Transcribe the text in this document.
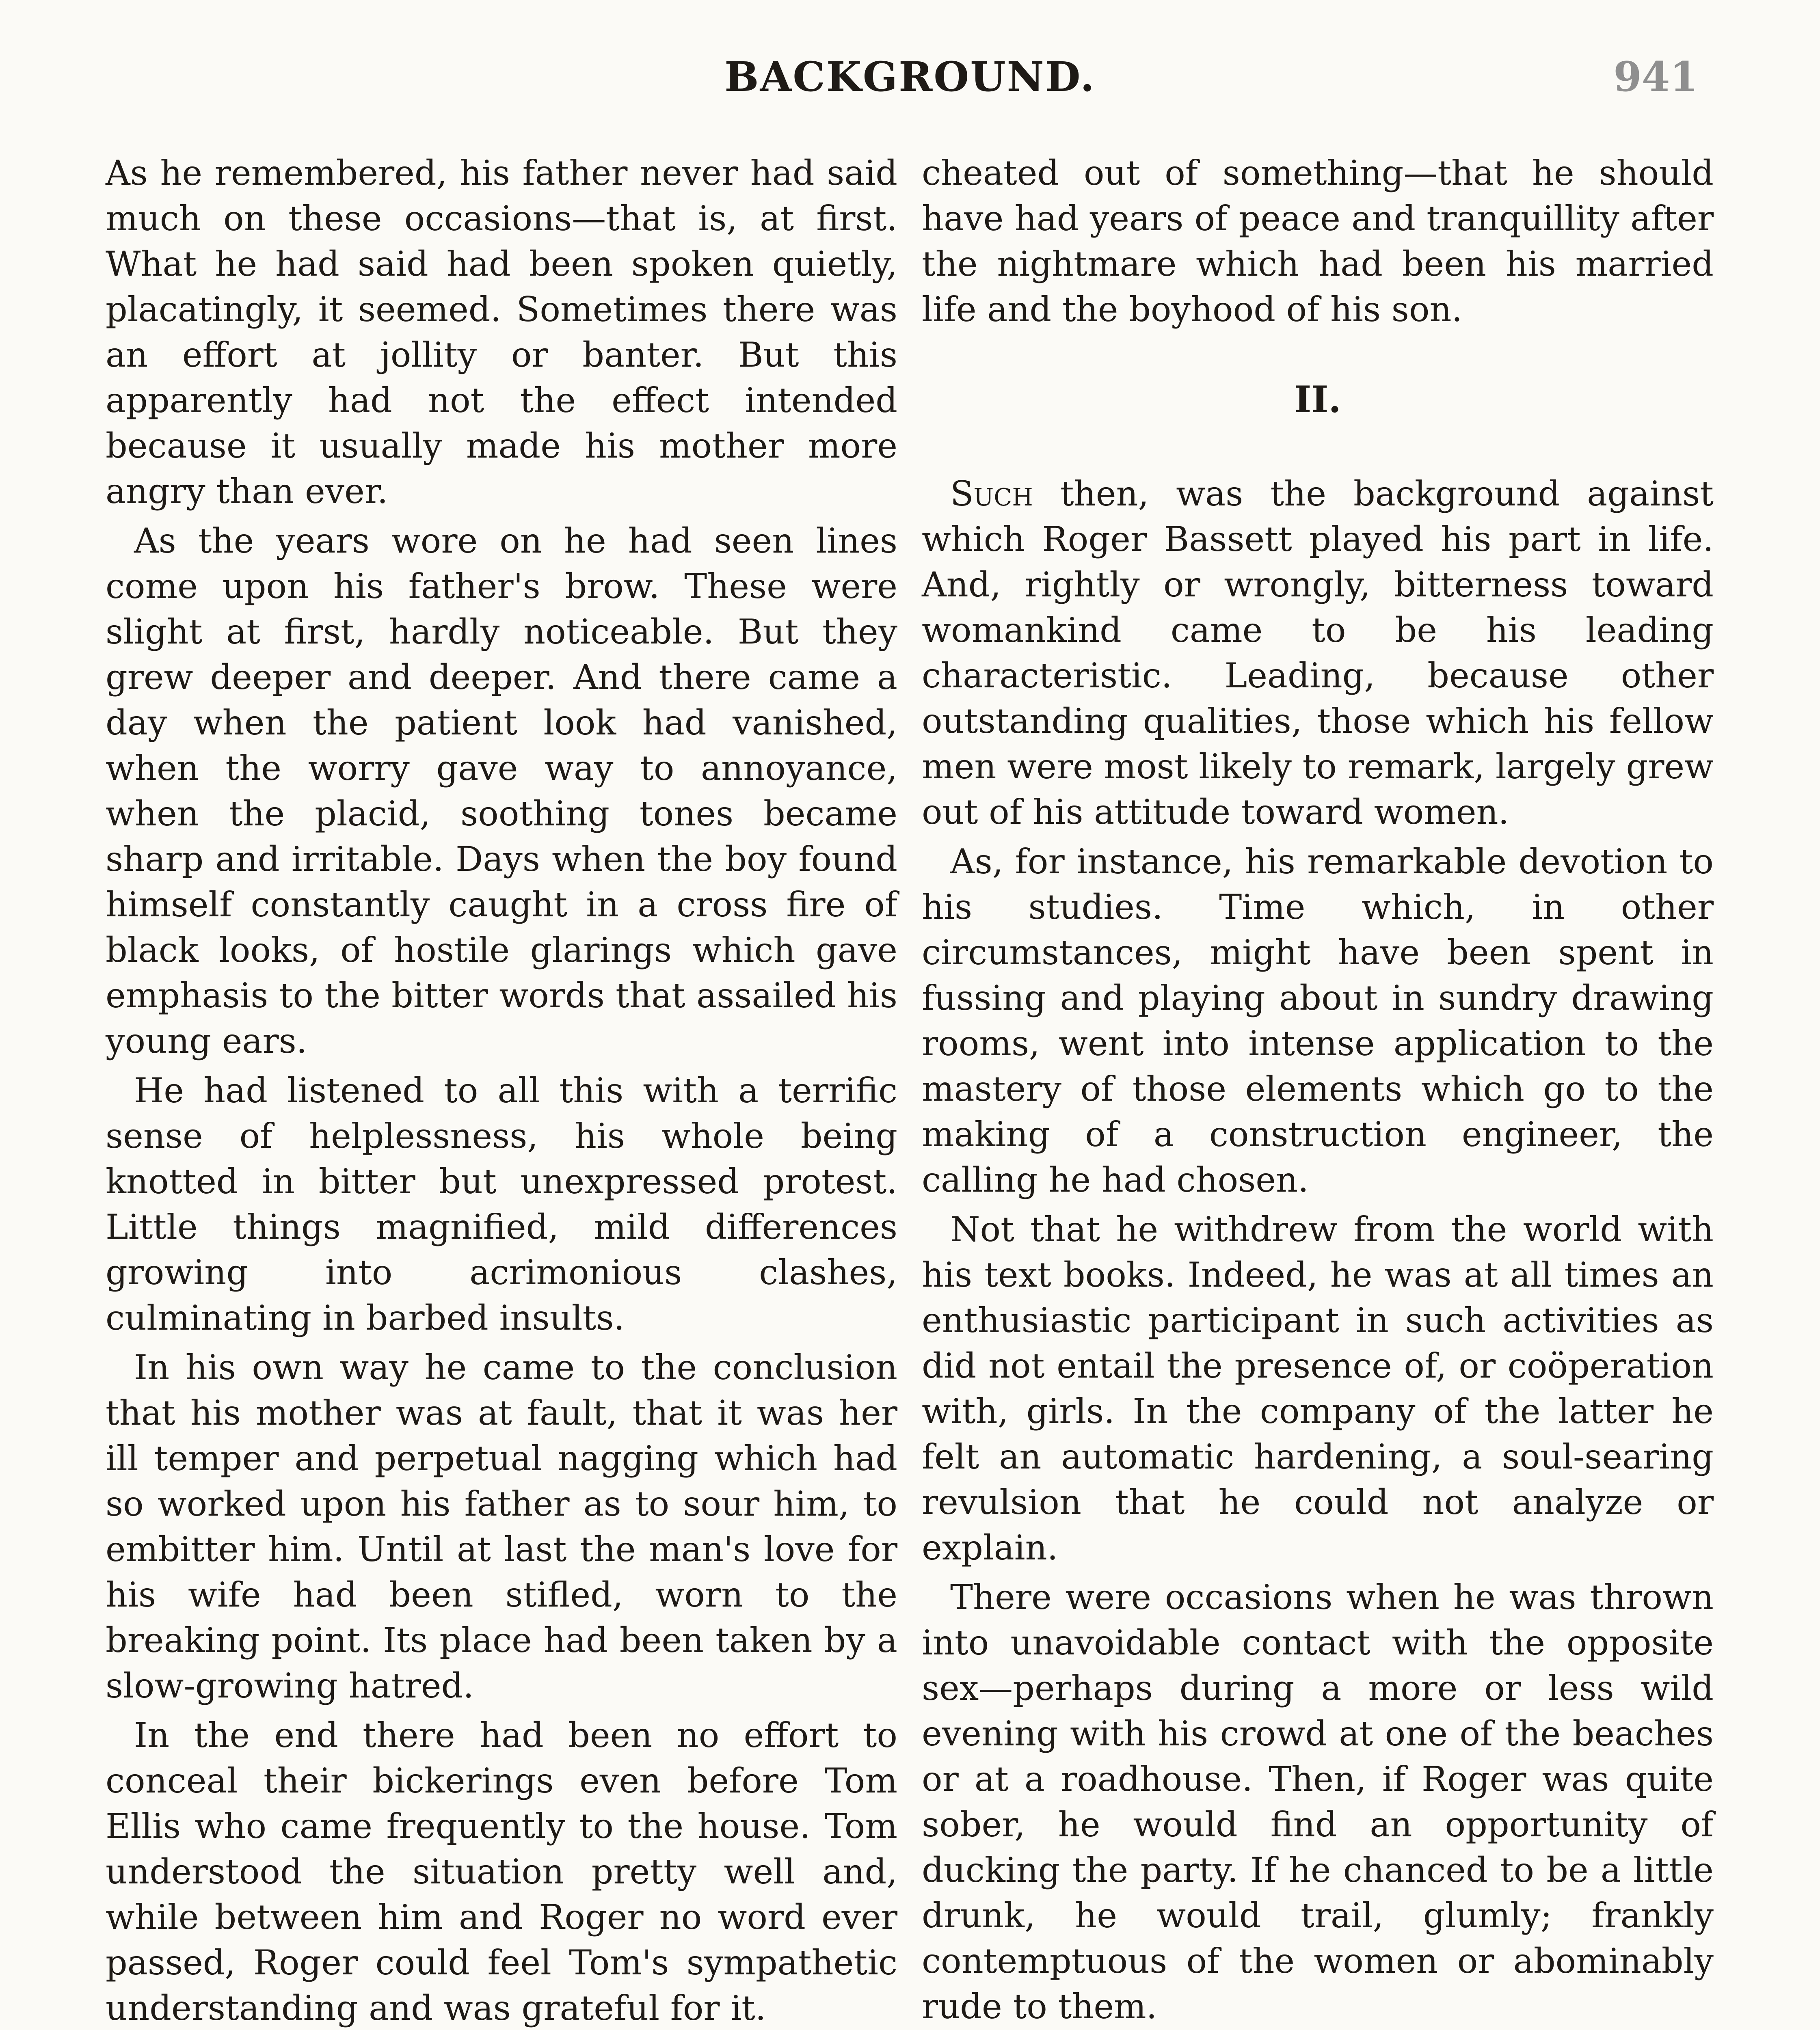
BACKGROUND.	941

As he remembered, his father never had said much on these occasions—that is, at first. What he had said had been spoken quietly, placatingly, it seemed. Sometimes there was an effort at jollity or banter. But this apparently had not the effect intended because it usually made his mother more angry than ever.

As the years wore on he had seen lines come upon his father's brow. These were slight at first, hardly noticeable. But they grew deeper and deeper. And there came a day when the patient look had vanished, when the worry gave way to annoyance, when the placid, soothing tones became sharp and irritable. Days when the boy found himself constantly caught in a cross fire of black looks, of hostile glarings which gave emphasis to the bitter words that assailed his young ears.

He had listened to all this with a terrific sense of helplessness, his whole being knotted in bitter but unexpressed protest. Little things magnified, mild differences growing into acrimonious clashes, culminating in barbed insults.

In his own way he came to the conclusion that his mother was at fault, that it was her ill temper and perpetual nagging which had so worked upon his father as to sour him, to embitter him. Until at last the man's love for his wife had been stifled, worn to the breaking point. Its place had been taken by a slow-growing hatred.

In the end there had been no effort to conceal their bickerings even before Tom Ellis who came frequently to the house. Tom understood the situation pretty well and, while between him and Roger no word ever passed, Roger could feel Tom's sympathetic understanding and was grateful for it.

cheated out of something—that he should have had years of peace and tranquillity after the nightmare which had been his married life and the boyhood of his son.

II.

Such then, was the background against which Roger Bassett played his part in life. And, rightly or wrongly, bitterness toward womankind came to be his leading characteristic. Leading, because other outstanding qualities, those which his fellow men were most likely to remark, largely grew out of his attitude toward women.

As, for instance, his remarkable devotion to his studies. Time which, in other circumstances, might have been spent in fussing and playing about in sundry drawing rooms, went into intense application to the mastery of those elements which go to the making of a construction engineer, the calling he had chosen.

Not that he withdrew from the world with his text books. Indeed, he was at all times an enthusiastic participant in such activities as did not entail the presence of, or coöperation with, girls. In the company of the latter he felt an automatic hardening, a soul-searing revulsion that he could not analyze or explain.

There were occasions when he was thrown into unavoidable contact with the opposite sex—perhaps during a more or less wild evening with his crowd at one of the beaches or at a roadhouse. Then, if Roger was quite sober, he would find an opportunity of ducking the party. If he chanced to be a little drunk, he would trail, glumly; frankly contemptuous of the women or abominably rude to them.
